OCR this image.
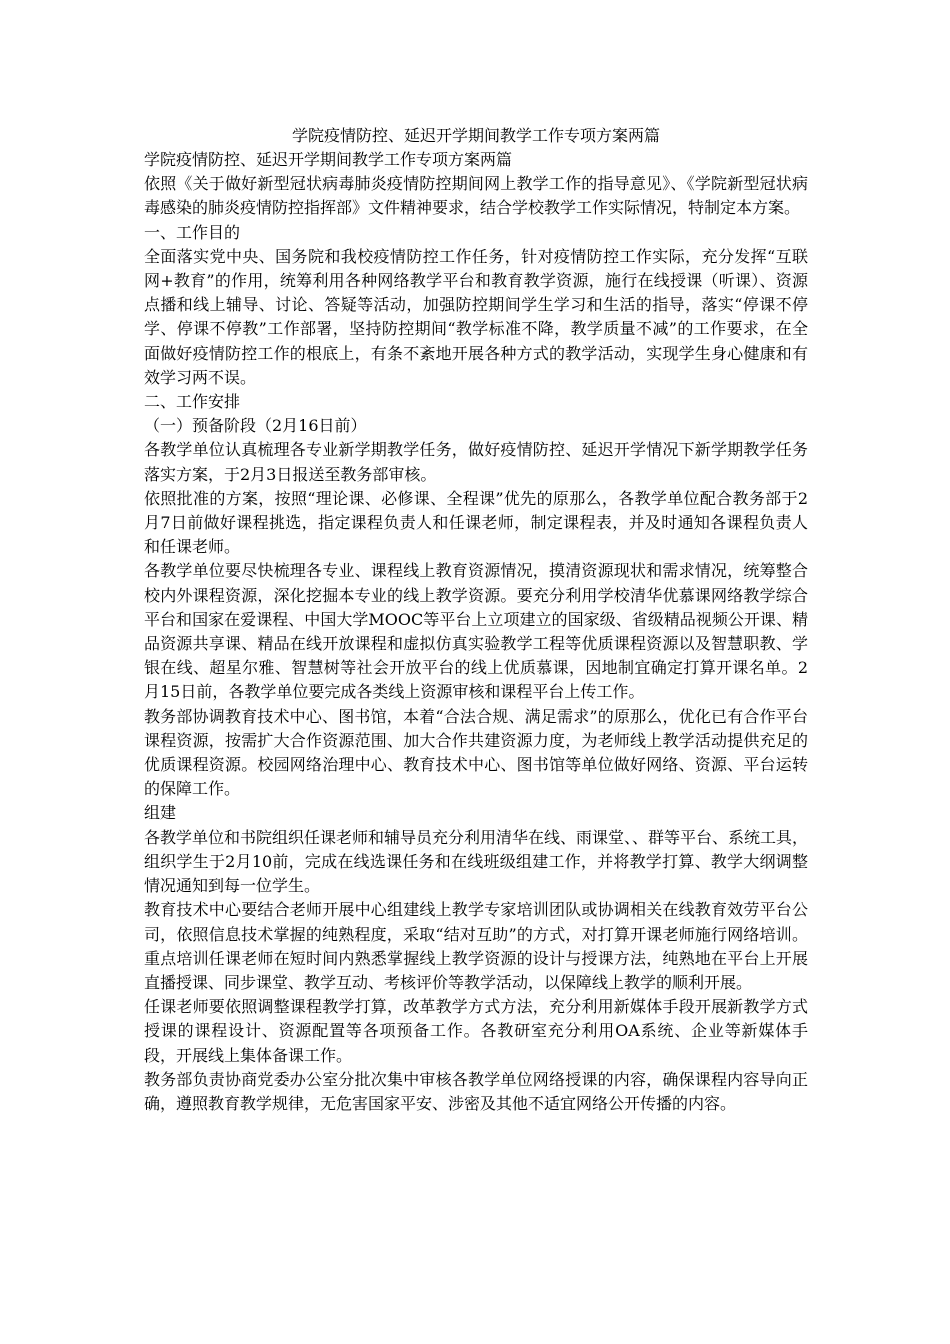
学院疫情防控、延迟开学期间教学工作专项方案两篇

学院疫情防控、延迟开学期间教学工作专项方案两篇

依照《关于做好新型冠状病毒肺炎疫情防控期间网上教学工作的指导意见》、《学院新型冠状病毒感染的肺炎疫情防控指挥部》文件精神要求，结合学校教学工作实际情况，特制定本方案。

一、工作目的

全面落实党中央、国务院和我校疫情防控工作任务，针对疫情防控工作实际，充分发挥“互联网+教育”的作用，统筹利用各种网络教学平台和教育教学资源，施行在线授课（听课）、资源点播和线上辅导、讨论、答疑等活动，加强防控期间学生学习和生活的指导，落实“停课不停学、停课不停教”工作部署，坚持防控期间“教学标准不降，教学质量不减”的工作要求，在全面做好疫情防控工作的根底上，有条不紊地开展各种方式的教学活动，实现学生身心健康和有效学习两不误。

二、工作安排

（一）预备阶段（2月16日前）

各教学单位认真梳理各专业新学期教学任务，做好疫情防控、延迟开学情况下新学期教学任务落实方案，于2月3日报送至教务部审核。

依照批准的方案，按照“理论课、必修课、全程课”优先的原那么，各教学单位配合教务部于2月7日前做好课程挑选，指定课程负责人和任课老师，制定课程表，并及时通知各课程负责人和任课老师。

各教学单位要尽快梳理各专业、课程线上教育资源情况，摸清资源现状和需求情况，统筹整合校内外课程资源，深化挖掘本专业的线上教学资源。要充分利用学校清华优慕课网络教学综合平台和国家在爱课程、中国大学MOOC等平台上立项建立的国家级、省级精品视频公开课、精品资源共享课、精品在线开放课程和虚拟仿真实验教学工程等优质课程资源以及智慧职教、学银在线、超星尔雅、智慧树等社会开放平台的线上优质慕课，因地制宜确定打算开课名单。2月15日前，各教学单位要完成各类线上资源审核和课程平台上传工作。

教务部协调教育技术中心、图书馆，本着“合法合规、满足需求”的原那么，优化已有合作平台课程资源，按需扩大合作资源范围、加大合作共建资源力度，为老师线上教学活动提供充足的优质课程资源。校园网络治理中心、教育技术中心、图书馆等单位做好网络、资源、平台运转的保障工作。

组建

各教学单位和书院组织任课老师和辅导员充分利用清华在线、雨课堂、、群等平台、系统工具，组织学生于2月10前，完成在线选课任务和在线班级组建工作，并将教学打算、教学大纲调整情况通知到每一位学生。

教育技术中心要结合老师开展中心组建线上教学专家培训团队或协调相关在线教育效劳平台公司，依照信息技术掌握的纯熟程度，采取“结对互助”的方式，对打算开课老师施行网络培训。重点培训任课老师在短时间内熟悉掌握线上教学资源的设计与授课方法，纯熟地在平台上开展直播授课、同步课堂、教学互动、考核评价等教学活动，以保障线上教学的顺利开展。

任课老师要依照调整课程教学打算，改革教学方式方法，充分利用新媒体手段开展新教学方式授课的课程设计、资源配置等各项预备工作。各教研室充分利用OA系统、企业等新媒体手段，开展线上集体备课工作。

教务部负责协商党委办公室分批次集中审核各教学单位网络授课的内容，确保课程内容导向正确，遵照教育教学规律，无危害国家平安、涉密及其他不适宜网络公开传播的内容。
